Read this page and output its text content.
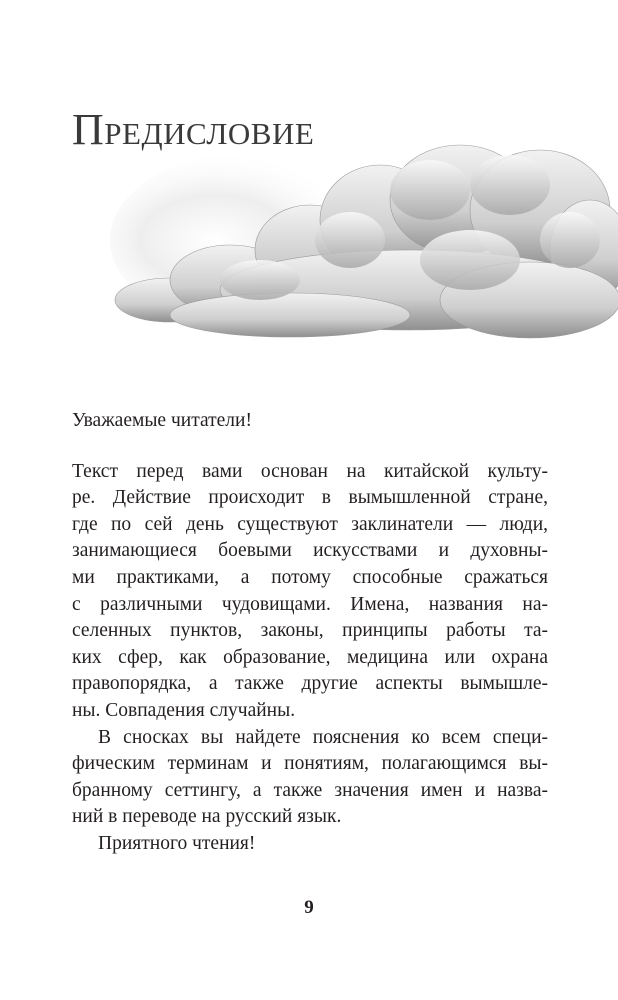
Предисловие
Уважаемые читатели!
Текст перед вами основан на китайской культу-
ре. Действие происходит в вымышленной стране,
где по сей день существуют заклинатели — люди,
занимающиеся боевыми искусствами и духовны-
ми практиками, а потому способные сражаться
с различными чудовищами. Имена, названия на-
селенных пунктов, законы, принципы работы та-
ких сфер, как образование, медицина или охрана
правопорядка, а также другие аспекты вымышле-
ны. Совпадения случайны.
В сносках вы найдете пояснения ко всем специ-
фическим терминам и понятиям, полагающимся вы-
бранному сеттингу, а также значения имен и назва-
ний в переводе на русский язык.
Приятного чтения!
9
